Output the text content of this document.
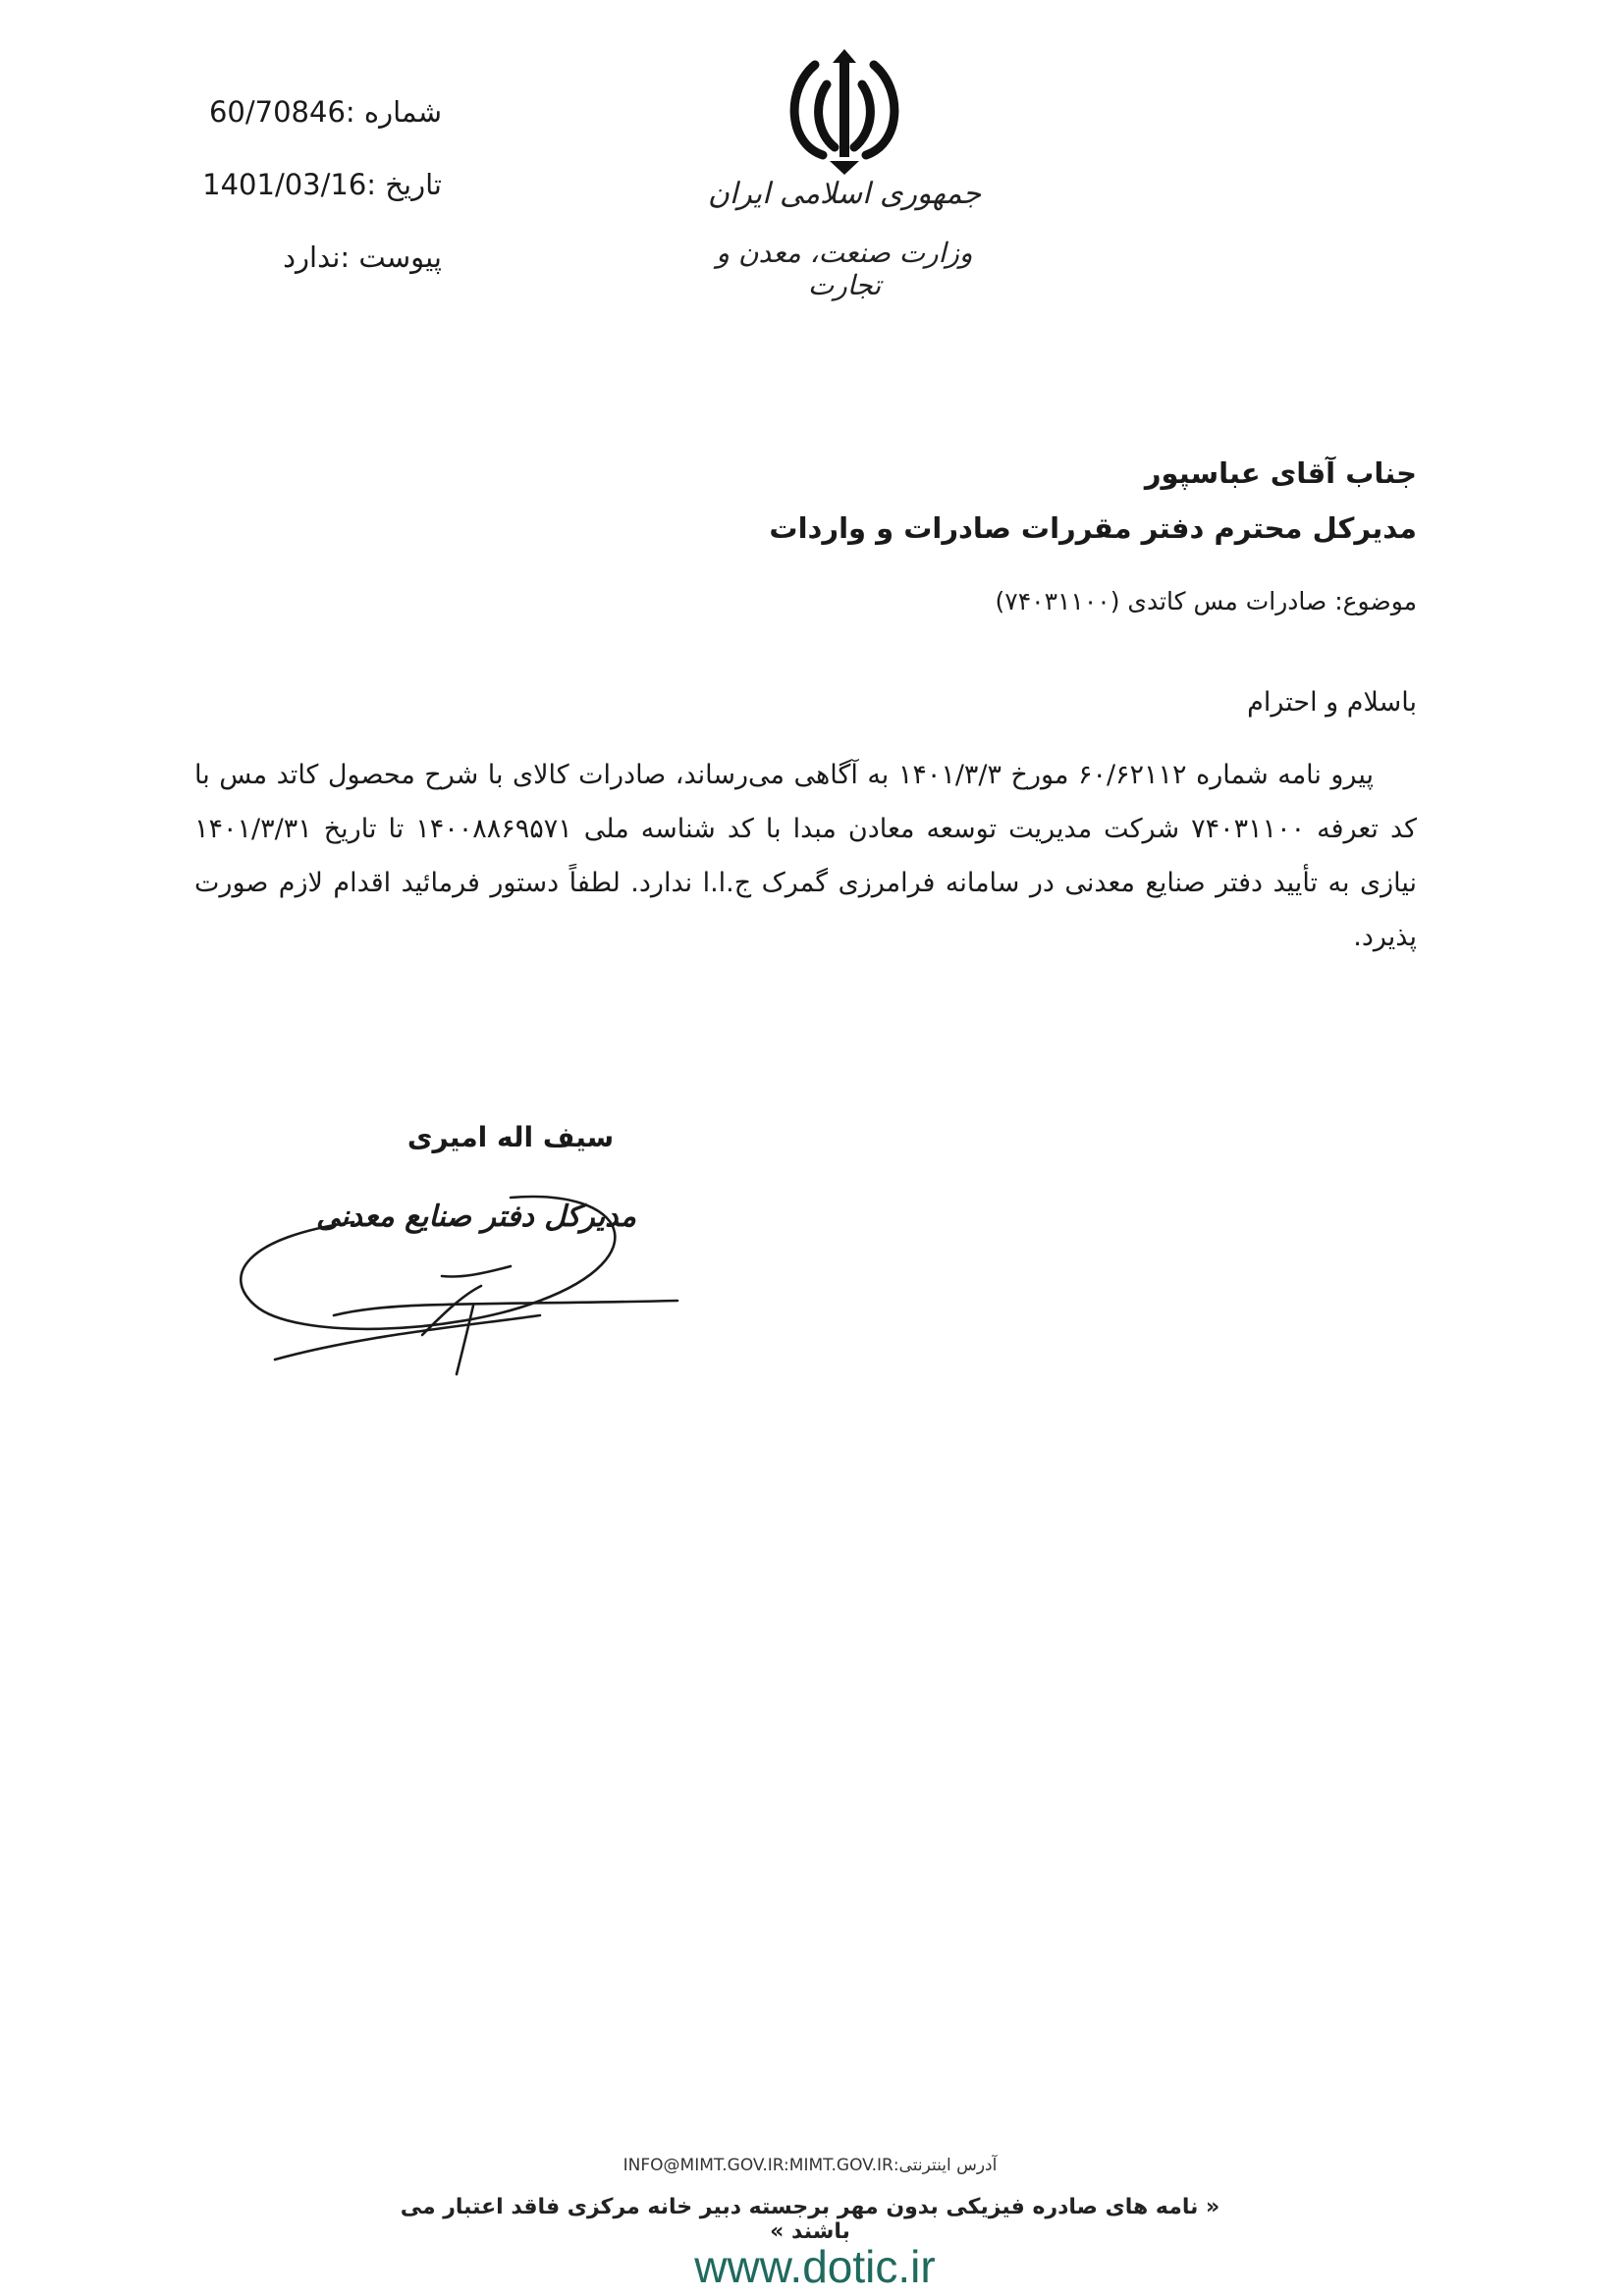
شماره :60/70846
تاریخ :1401/03/16
پیوست :ندارد
جمهوری اسلامی ایران
وزارت صنعت، معدن و تجارت
جناب آقای عباسپور
مدیرکل محترم دفتر مقررات صادرات و واردات
موضوع: صادرات مس کاتدی (۷۴۰۳۱۱۰۰)
باسلام و احترام
پیرو نامه شماره ۶۰/۶۲۱۱۲ مورخ ۱۴۰۱/۳/۳ به آگاهی می‌رساند، صادرات کالای با شرح محصول کاتد مس با کد تعرفه ۷۴۰۳۱۱۰۰ شرکت مدیریت توسعه معادن مبدا با کد شناسه ملی ۱۴۰۰۸۸۶۹۵۷۱ تا تاریخ ۱۴۰۱/۳/۳۱ نیازی به تأیید دفتر صنایع معدنی در سامانه فرامرزی گمرک ج.ا.ا ندارد. لطفاً دستور فرمائید اقدام لازم صورت پذیرد.
سیف اله امیری
مدیرکل دفتر صنایع معدنی
آدرس اینترنتی:INFO@MIMT.GOV.IR:MIMT.GOV.IR
« نامه های صادره فیزیکی بدون مهر برجسته دبیر خانه مرکزی فاقد اعتبار می باشند »
www.dotic.ir
